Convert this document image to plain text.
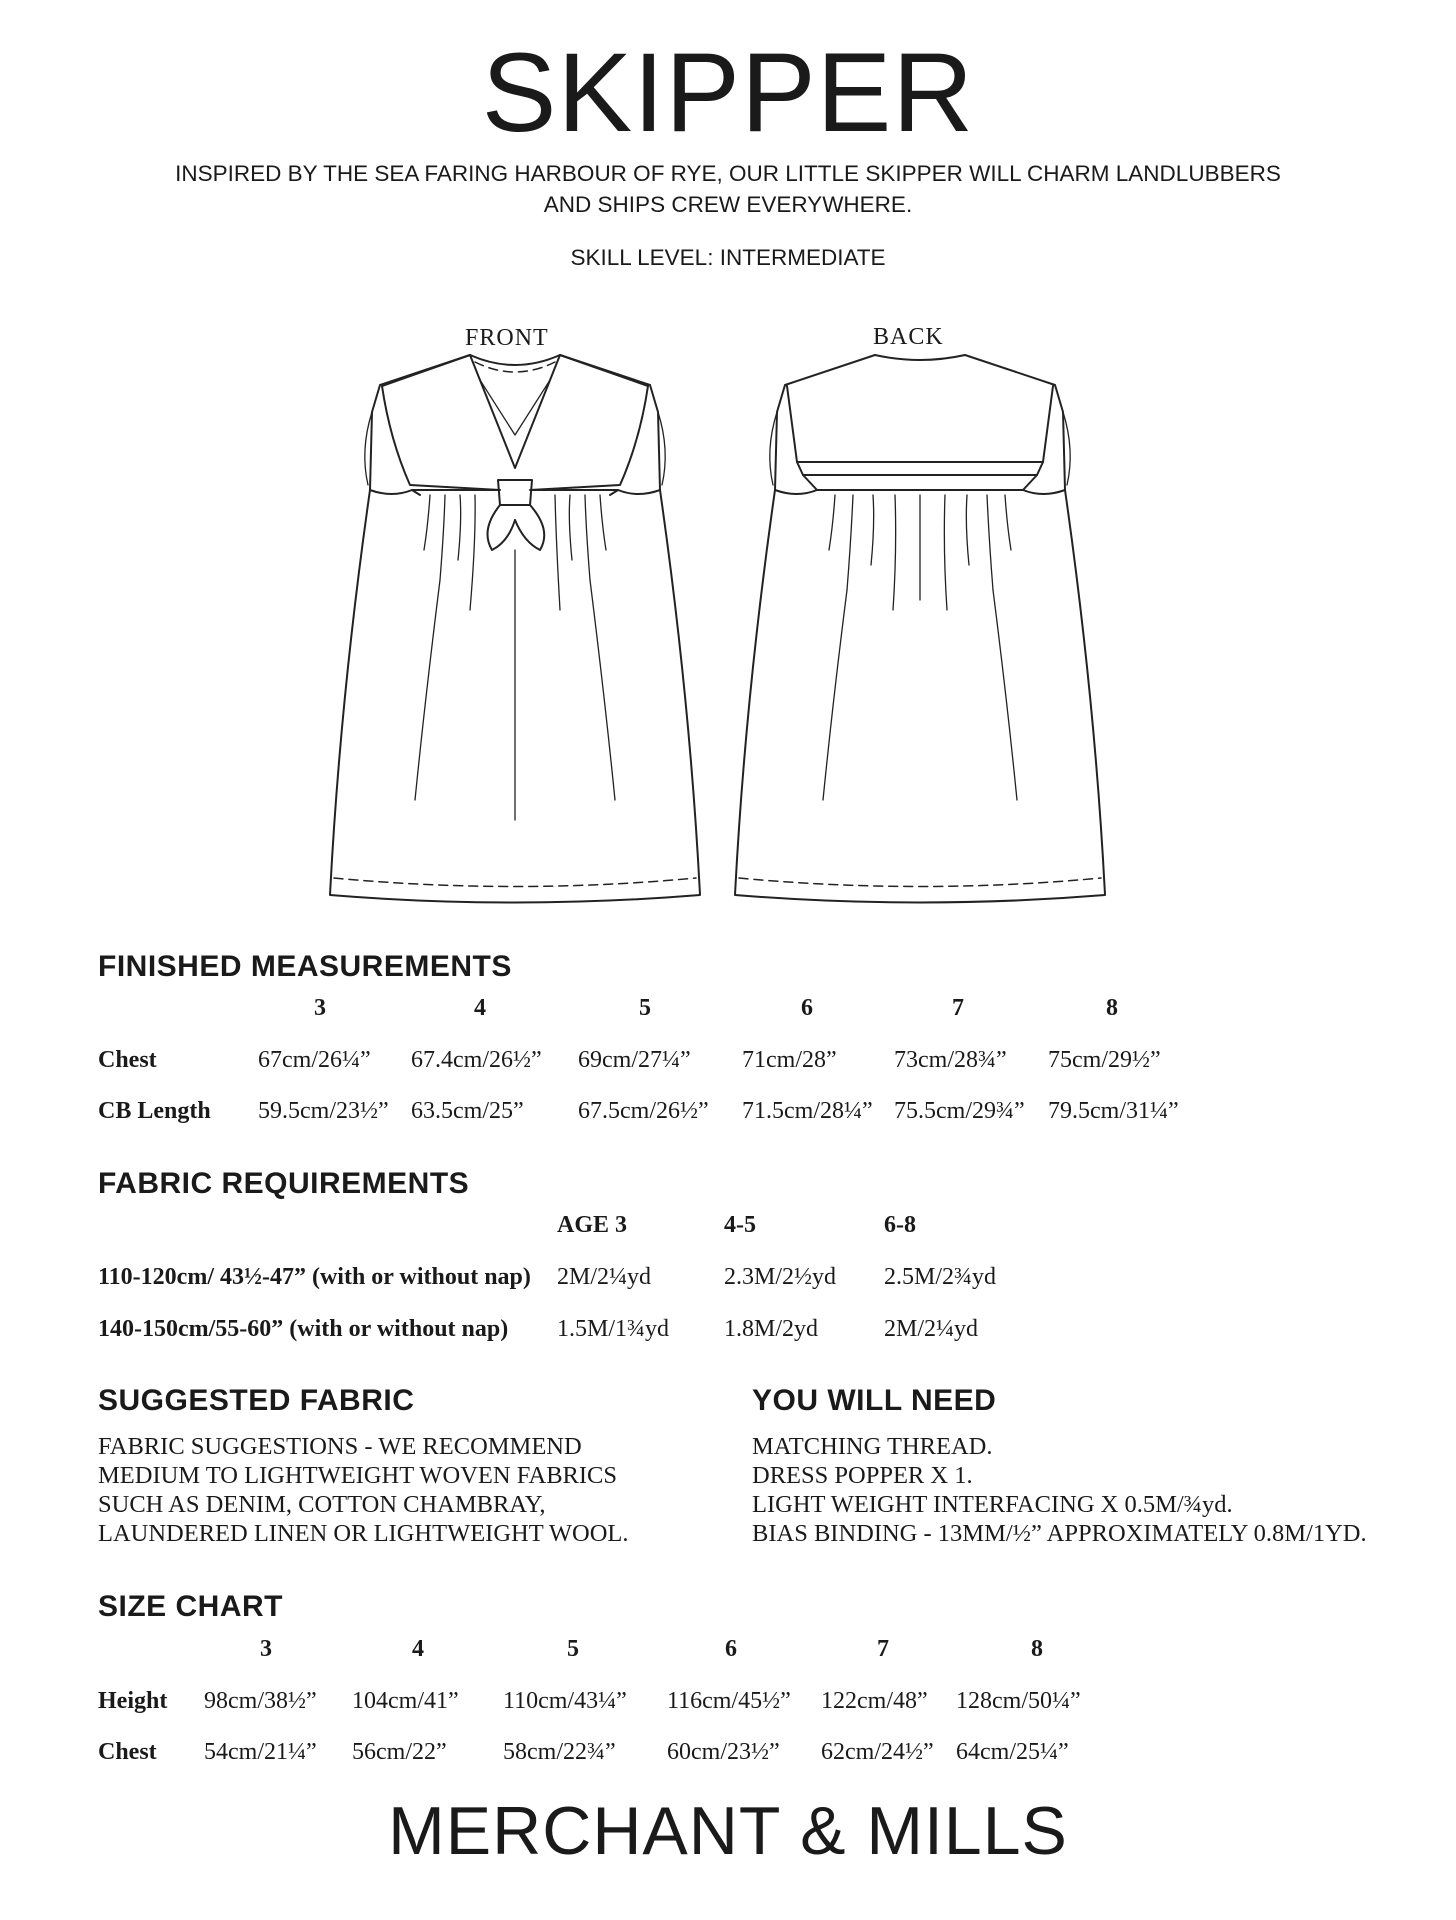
SKIPPER
INSPIRED BY THE SEA FARING HARBOUR OF RYE, OUR LITTLE SKIPPER WILL CHARM LANDLUBBERS
AND SHIPS CREW EVERYWHERE.
SKILL LEVEL: INTERMEDIATE
FRONT	BACK
FINISHED MEASUREMENTS
3	4	5	6	7	8
Chest	67cm/26¼” 67.4cm/26½” 69cm/27¼” 71cm/28” 73cm/28¾” 75cm/29½”
CB Length 59.5cm/23½” 63.5cm/25” 67.5cm/26½” 71.5cm/28¼” 75.5cm/29¾” 79.5cm/31¼”
FABRIC REQUIREMENTS
AGE 3	4-5	6-8
110-120cm/ 43½-47” (with or without nap) 2M/2¼yd	2.3M/2½yd 2.5M/2¾yd
140-150cm/55-60” (with or without nap) 1.5M/1¾yd 1.8M/2yd	2M/2¼yd
SUGGESTED FABRIC
FABRIC SUGGESTIONS - WE RECOMMEND
MEDIUM TO LIGHTWEIGHT WOVEN FABRICS
SUCH AS DENIM, COTTON CHAMBRAY,
LAUNDERED LINEN OR LIGHTWEIGHT WOOL.
YOU WILL NEED
MATCHING THREAD.
DRESS POPPER X 1.
LIGHT WEIGHT INTERFACING X 0.5M/¾yd.
BIAS BINDING - 13MM/½” APPROXIMATELY 0.8M/1YD.
SIZE CHART
3	4	5	6	7	8
Height 98cm/38½” 104cm/41” 110cm/43¼” 116cm/45½” 122cm/48” 128cm/50¼”
Chest 54cm/21¼” 56cm/22” 58cm/22¾” 60cm/23½” 62cm/24½” 64cm/25¼”
MERCHANT & MILLS
